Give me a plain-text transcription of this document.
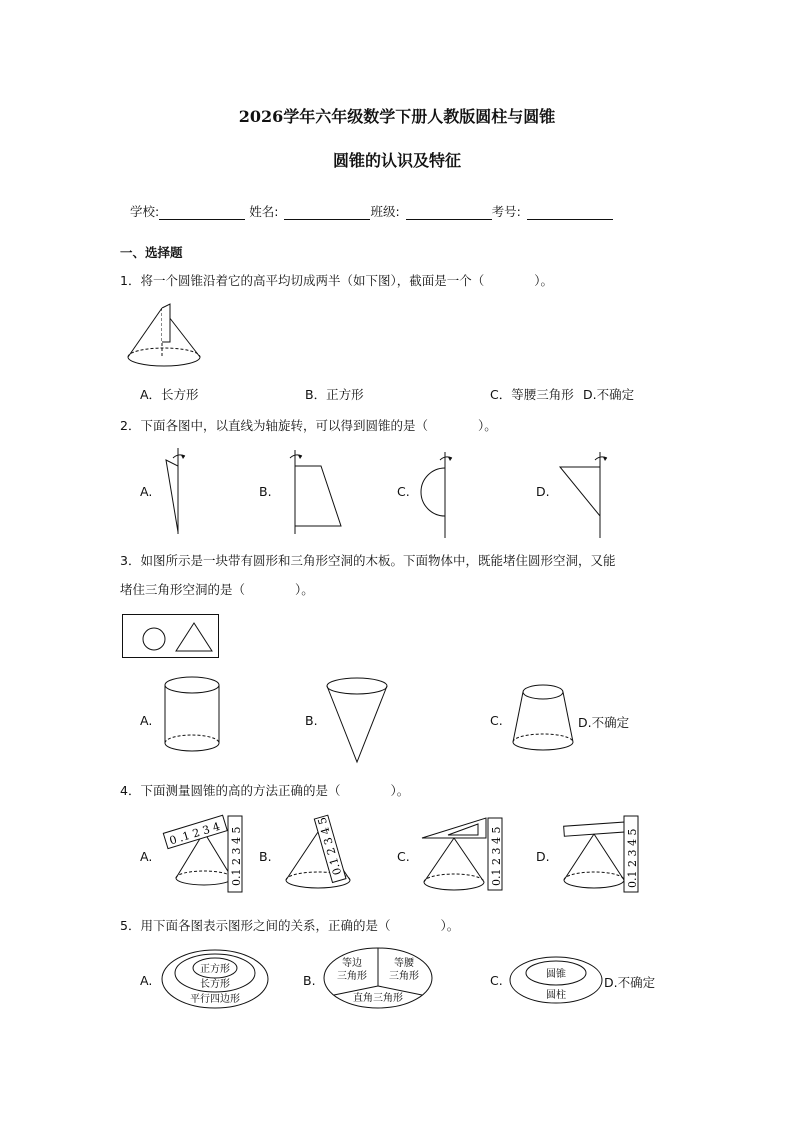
2026学年六年级数学下册人教版圆柱与圆锥
圆锥的认识及特征
学校:	姓名:	班级:	考号:
一、选择题
1．将一个圆锥沿着它的高平均切成两半（如下图），截面是一个（　　　　）。
A．长方形	B．正方形	C．等腰三角形 D.不确定
2．下面各图中，以直线为轴旋转，可以得到圆锥的是（　　　　）。
A.	B.	C.	D.
3．如图所示是一块带有圆形和三角形空洞的木板。下面物体中，既能堵住圆形空洞，又能
堵住三角形空洞的是（　　　　）。
A.	B.	C.	D.不确定
4．下面测量圆锥的高的方法正确的是（　　　　）。
A.
0 .1 2 3 4 0.1 2 3 4 5 B.	0.1 2 3 4 5	C.	0.1 2 3 4 5	D.	0.1 2 3 4 5
5．用下面各图表示图形之间的关系，正确的是（　　　　）。
A.
正方形
长方形
平行四边形
B.
等边
三角形
等腰
三角形
直角三角形
C.	圆锥
圆柱
D.不确定
